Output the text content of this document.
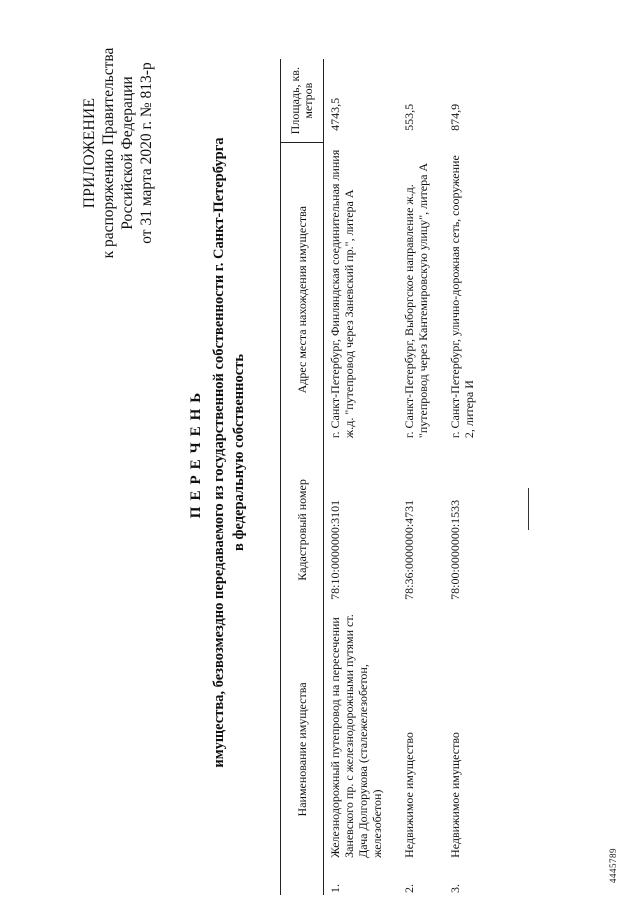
ПРИЛОЖЕНИЕ к распоряжению Правительства Российской Федерации от 31 марта 2020 г. № 813-р
ПЕРЕЧЕНЬ имущества, безвозмездно передаваемого из государственной собственности г. Санкт-Петербурга в федеральную собственность
Наименование имущества		Кадастровый номер	Адрес места нахождения имущества	Площадь, кв. метров
1.	Железнодорожный путепровод на пересечении Заневского пр. с железнодорожными путями ст. Дача Долгорукова (сталежелезобетон, железобетон)	78:10:0000000:3101	г. Санкт-Петербург, Финляндская соединительная линия ж.д. "путепровод через Заневский пр.", литера А	4743,5
2.	Недвижимое имущество	78:36:0000000:4731	г. Санкт-Петербург, Выборгское направление ж.д. "путепровод через Кантемировскую улицу", литера А	553,5
3.	Недвижимое имущество	78:00:0000000:1533	г. Санкт-Петербург, улично-дорожная сеть, сооружение 2, литера И	874,9
4445789
